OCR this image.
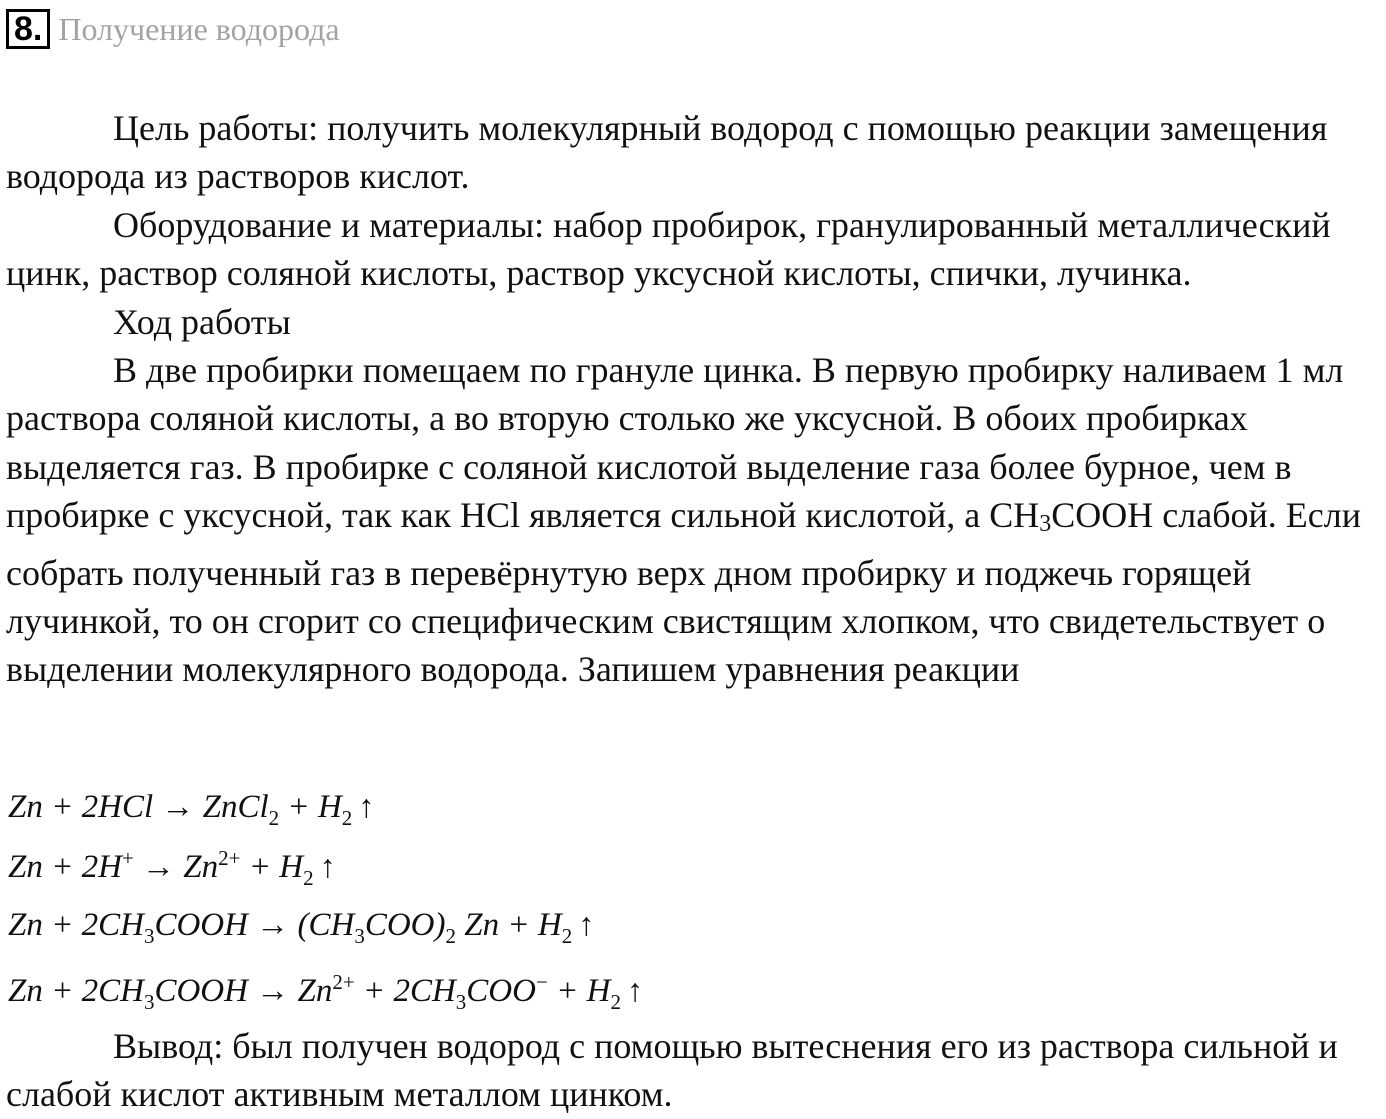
8. Получение водорода

Цель работы: получить молекулярный водород с помощью реакции замещения водорода из растворов кислот.

Оборудование и материалы: набор пробирок, гранулированный металлический цинк, раствор соляной кислоты, раствор уксусной кислоты, спички, лучинка.

Ход работы

В две пробирки помещаем по грануле цинка. В первую пробирку наливаем 1 мл раствора соляной кислоты, а во вторую столько же уксусной. В обоих пробирках выделяется газ. В пробирке с соляной кислотой выделение газа более бурное, чем в пробирке с уксусной, так как HCl является сильной кислотой, а CH3COOH слабой. Если собрать полученный газ в перевёрнутую верх дном пробирку и поджечь горящей лучинкой, то он сгорит со специфическим свистящим хлопком, что свидетельствует о выделении молекулярного водорода. Запишем уравнения реакции

Zn + 2HCl → ZnCl$_2$ + $H_2$ ↑
$Zn + 2H^+ \to Zn^{2+} + H_2$ ↑
$Zn + 2CH_3COOH \to (CH_3COO)_2$ $Zn + H_2$ ↑
$Zn + 2CH_3COOH \to Zn^{2+} + 2CH_3COO^- + H_2$ ↑

Вывод: был получен водород с помощью вытеснения его из раствора сильной и слабой кислот активным металлом цинком.
